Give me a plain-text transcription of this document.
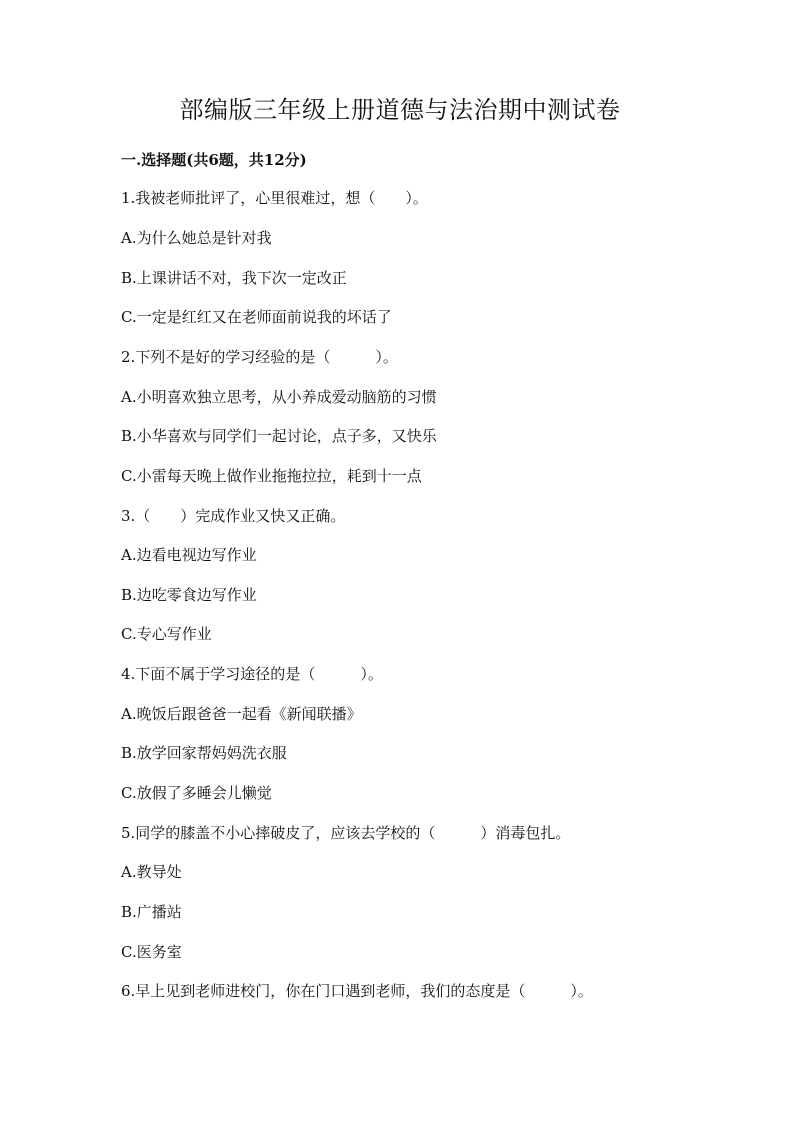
部编版三年级上册道德与法治期中测试卷
一.选择题(共6题，共12分)
1.我被老师批评了，心里很难过，想（　　）。
A.为什么她总是针对我
B.上课讲话不对，我下次一定改正
C.一定是红红又在老师面前说我的坏话了
2.下列不是好的学习经验的是（　　　）。
A.小明喜欢独立思考，从小养成爱动脑筋的习惯
B.小华喜欢与同学们一起讨论，点子多，又快乐
C.小雷每天晚上做作业拖拖拉拉，耗到十一点
3.（　　）完成作业又快又正确。
A.边看电视边写作业
B.边吃零食边写作业
C.专心写作业
4.下面不属于学习途径的是（　　　）。
A.晚饭后跟爸爸一起看《新闻联播》
B.放学回家帮妈妈洗衣服
C.放假了多睡会儿懒觉
5.同学的膝盖不小心摔破皮了，应该去学校的（　　　）消毒包扎。
A.教导处
B.广播站
C.医务室
6.早上见到老师进校门，你在门口遇到老师，我们的态度是（　　　）。
